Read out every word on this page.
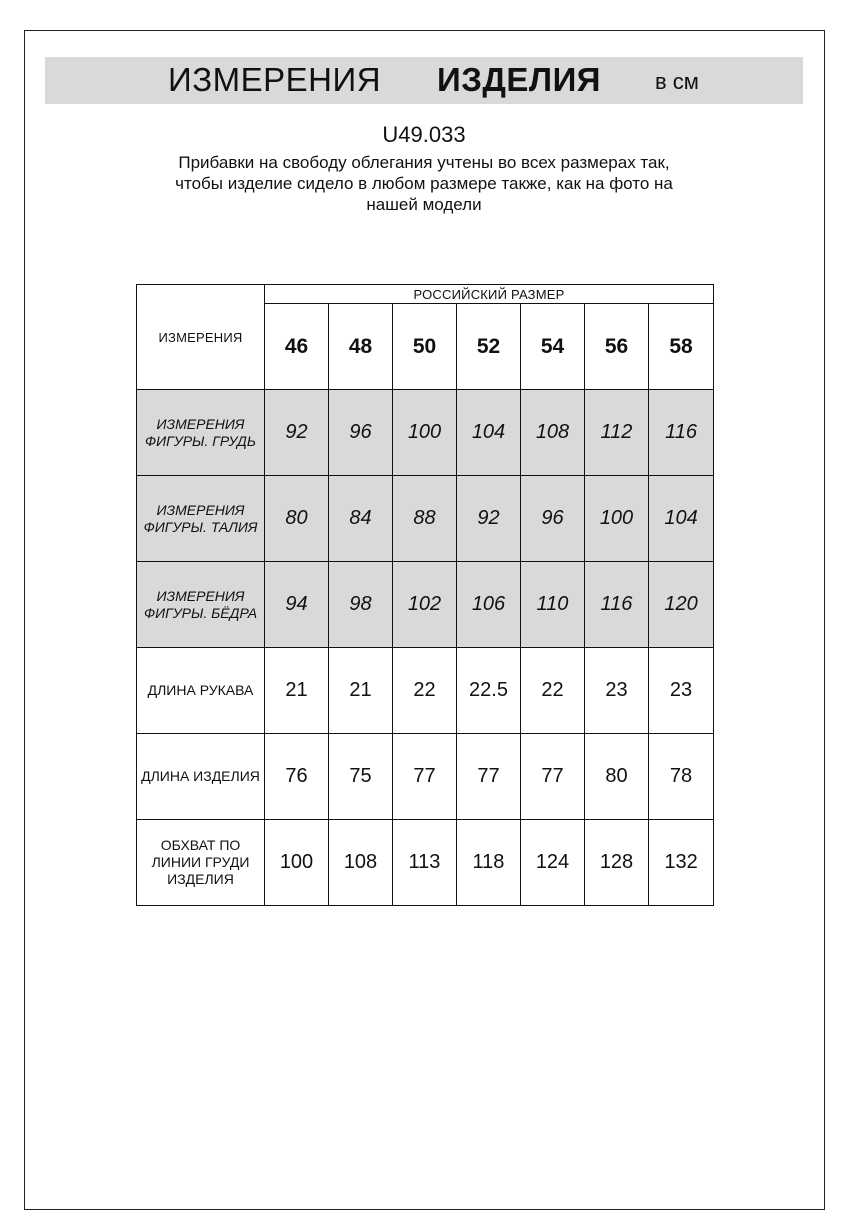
ИЗМЕРЕНИЯ ИЗДЕЛИЯ в см
U49.033
Прибавки на свободу облегания учтены во всех размерах так,
чтобы изделие сидело в любом размере также, как на фото на
нашей модели
ИЗМЕРЕНИЯ	РОССИЙСКИЙ РАЗМЕР						
	46	48	50	52	54	56	58

ИЗМЕРЕНИЯ
ФИГУРЫ. ГРУДЬ	92	96	100	104	108	112	116

ИЗМЕРЕНИЯ
ФИГУРЫ. ТАЛИЯ	80	84	88	92	96	100	104

ИЗМЕРЕНИЯ
ФИГУРЫ. БЁДРА	94	98	102	106	110	116	120

ДЛИНА РУКАВА	21	21	22	22.5	22	23	23

ДЛИНА ИЗДЕЛИЯ	76	75	77	77	77	80	78

ОБХВАТ ПО
ЛИНИИ ГРУДИ
ИЗДЕЛИЯ	100	108	113	118	124	128	132
